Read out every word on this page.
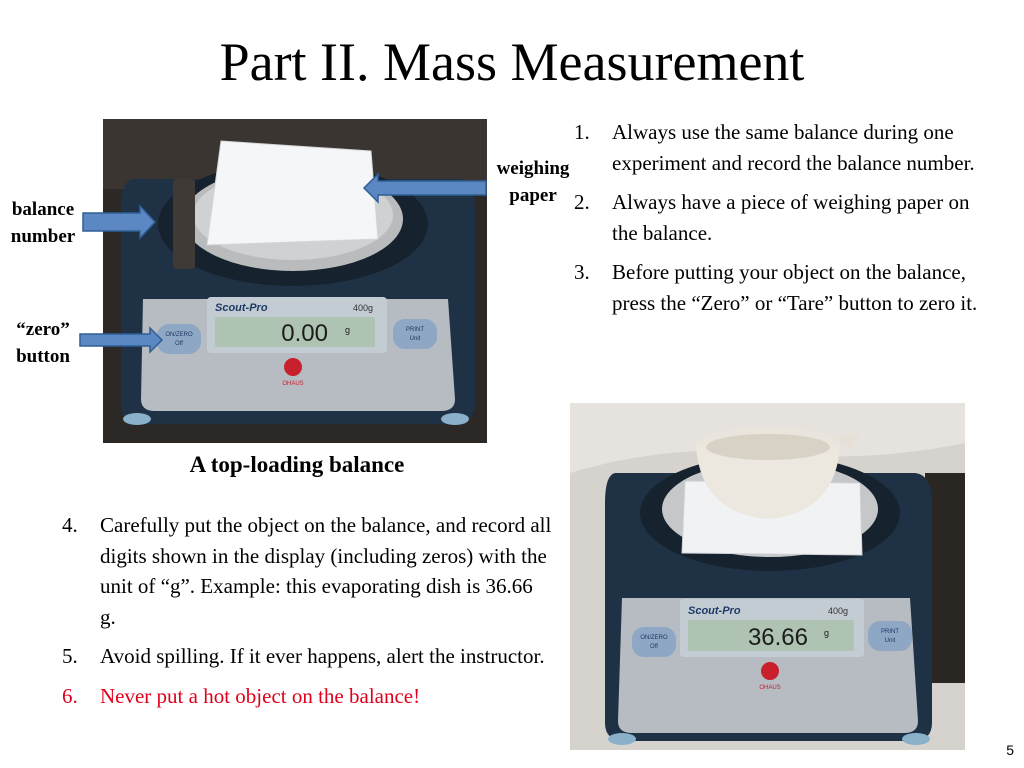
Part II. Mass Measurement
Scout-Pro	400g
0.00 g
ON/ZERO
Off
PRINT
Unit
OHAUS
balance
number
“zero”
button
weighing
paper
A top-loading balance
1. Always use the same balance during one experiment and record the balance number.
2. Always have a piece of weighing paper on the balance.
3. Before putting your object on the balance, press the “Zero” or “Tare” button to zero it.
Scout-Pro	400g
36.66 g
ON/ZERO
Off
PRINT
Unit
OHAUS
4. Carefully put the object on the balance, and record all digits shown in the display (including zeros) with the unit of “g”. Example: this evaporating dish is 36.66 g.
5. Avoid spilling. If it ever happens, alert the instructor.
6. Never put a hot object on the balance!
5
